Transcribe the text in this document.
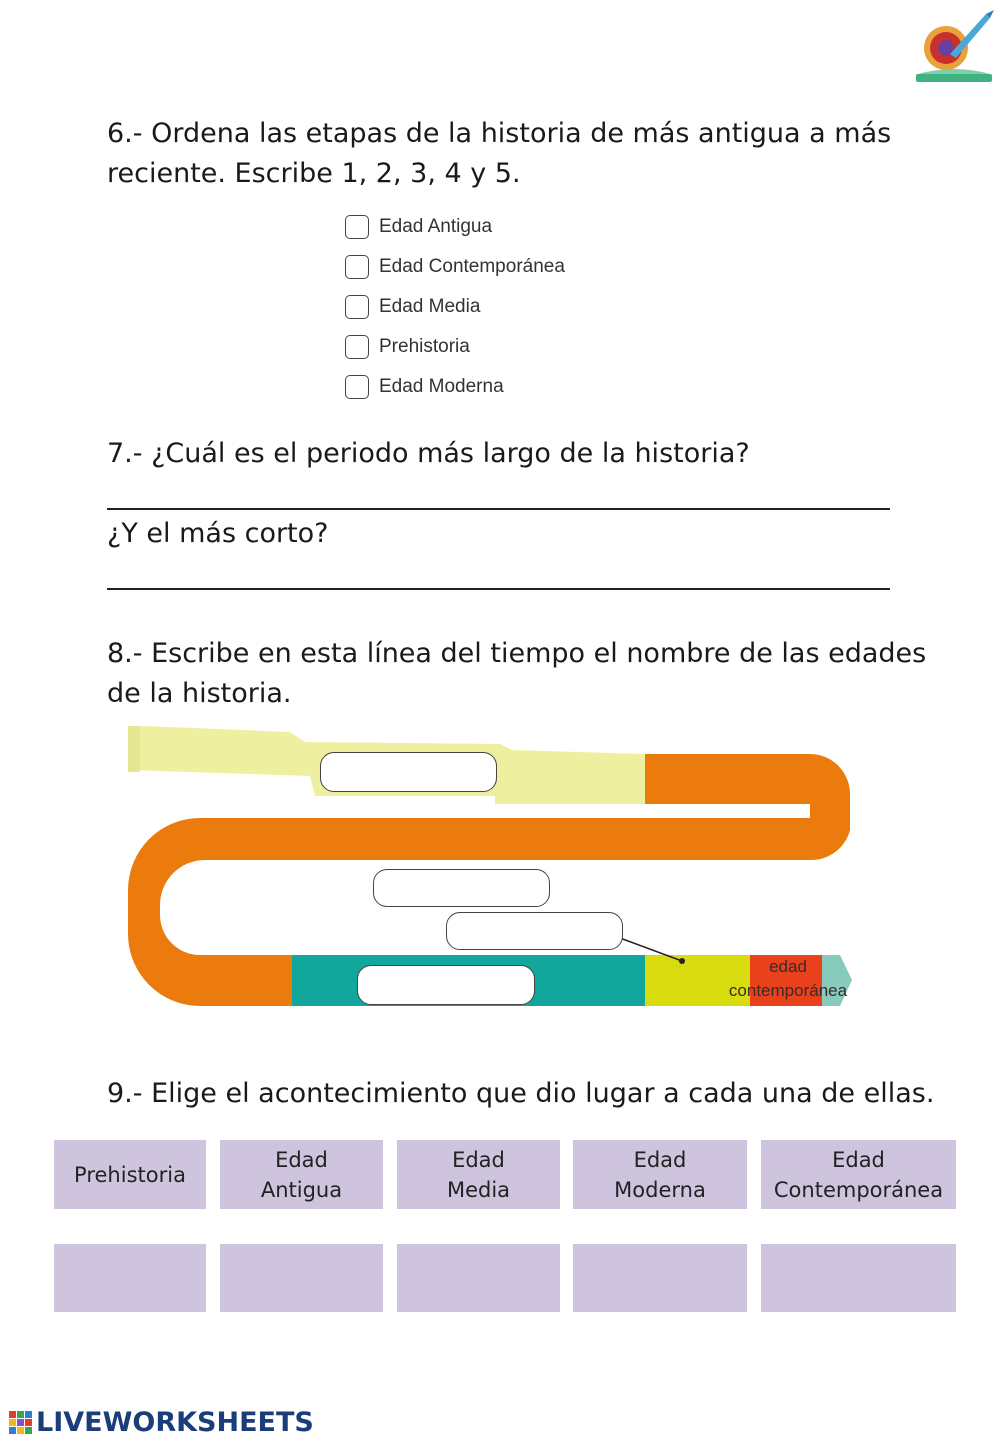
6.- Ordena las etapas de la historia de más antigua a más
reciente. Escribe 1, 2, 3, 4 y 5.
Edad Antigua
Edad Contemporánea
Edad Media
Prehistoria
Edad Moderna
7.- ¿Cuál es el periodo más largo de la historia?
¿Y el más corto?
8.- Escribe en esta línea del tiempo el nombre de las edades
de la historia.
edad
contemporánea
9.- Elige el acontecimiento que dio lugar a cada una de ellas.
Prehistoria
Edad
Antigua
Edad
Media
Edad
Moderna
Edad
Contemporánea
LIVEWORKSHEETS
